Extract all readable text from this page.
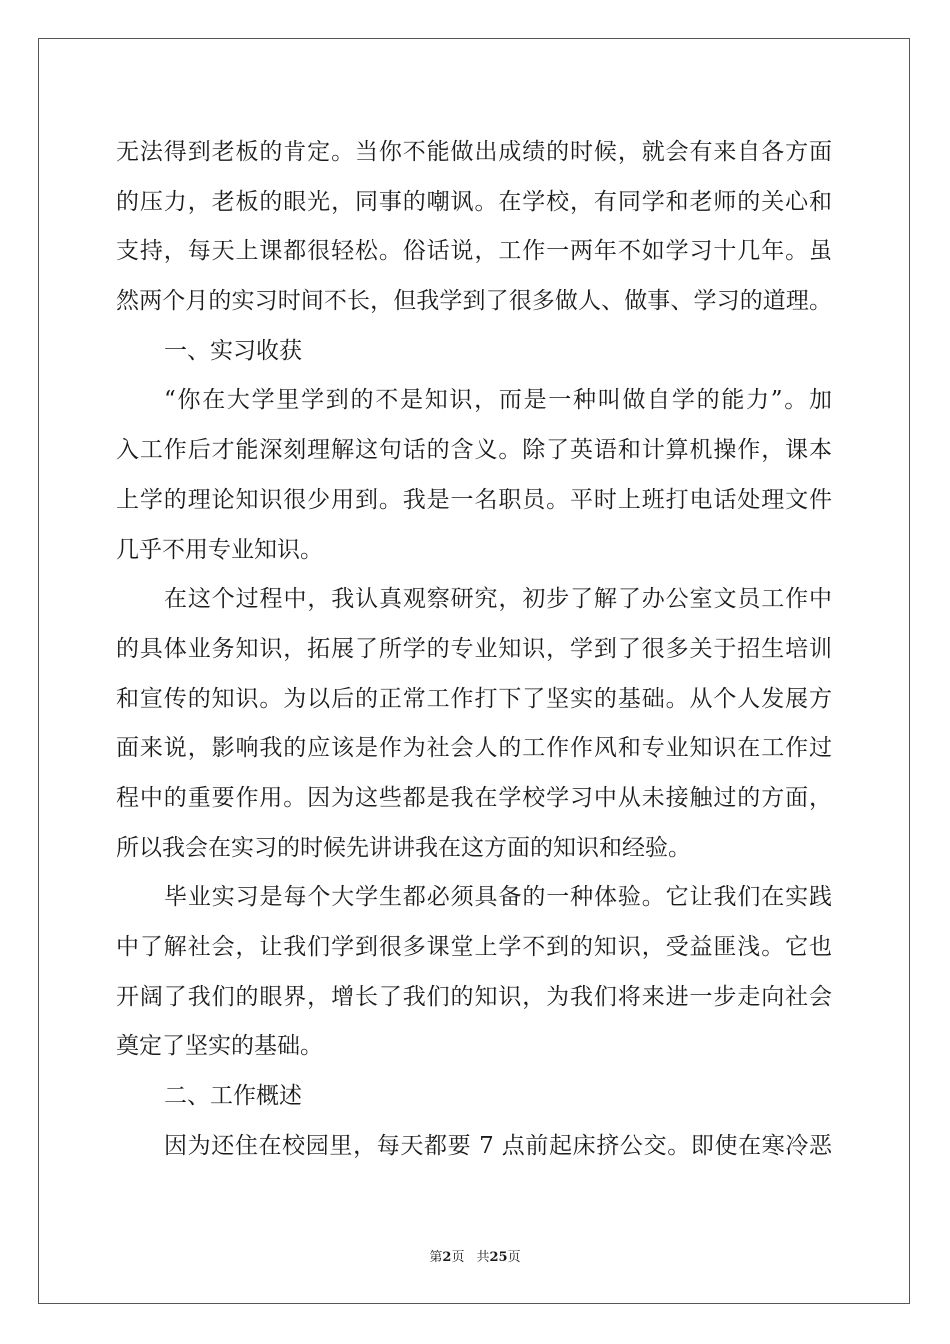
无法得到老板的肯定。当你不能做出成绩的时候，就会有来自各方面
的压力，老板的眼光，同事的嘲讽。在学校，有同学和老师的关心和
支持，每天上课都很轻松。俗话说，工作一两年不如学习十几年。虽
然两个月的实习时间不长，但我学到了很多做人、做事、学习的道理。
一、实习收获
“你在大学里学到的不是知识，而是一种叫做自学的能力”。加
入工作后才能深刻理解这句话的含义。除了英语和计算机操作，课本
上学的理论知识很少用到。我是一名职员。平时上班打电话处理文件
几乎不用专业知识。
在这个过程中，我认真观察研究，初步了解了办公室文员工作中
的具体业务知识，拓展了所学的专业知识，学到了很多关于招生培训
和宣传的知识。为以后的正常工作打下了坚实的基础。从个人发展方
面来说，影响我的应该是作为社会人的工作作风和专业知识在工作过
程中的重要作用。因为这些都是我在学校学习中从未接触过的方面，
所以我会在实习的时候先讲讲我在这方面的知识和经验。
毕业实习是每个大学生都必须具备的一种体验。它让我们在实践
中了解社会，让我们学到很多课堂上学不到的知识，受益匪浅。它也
开阔了我们的眼界，增长了我们的知识，为我们将来进一步走向社会
奠定了坚实的基础。
二、工作概述
因为还住在校园里，每天都要 7 点前起床挤公交。即使在寒冷恶
第2页 共25页
